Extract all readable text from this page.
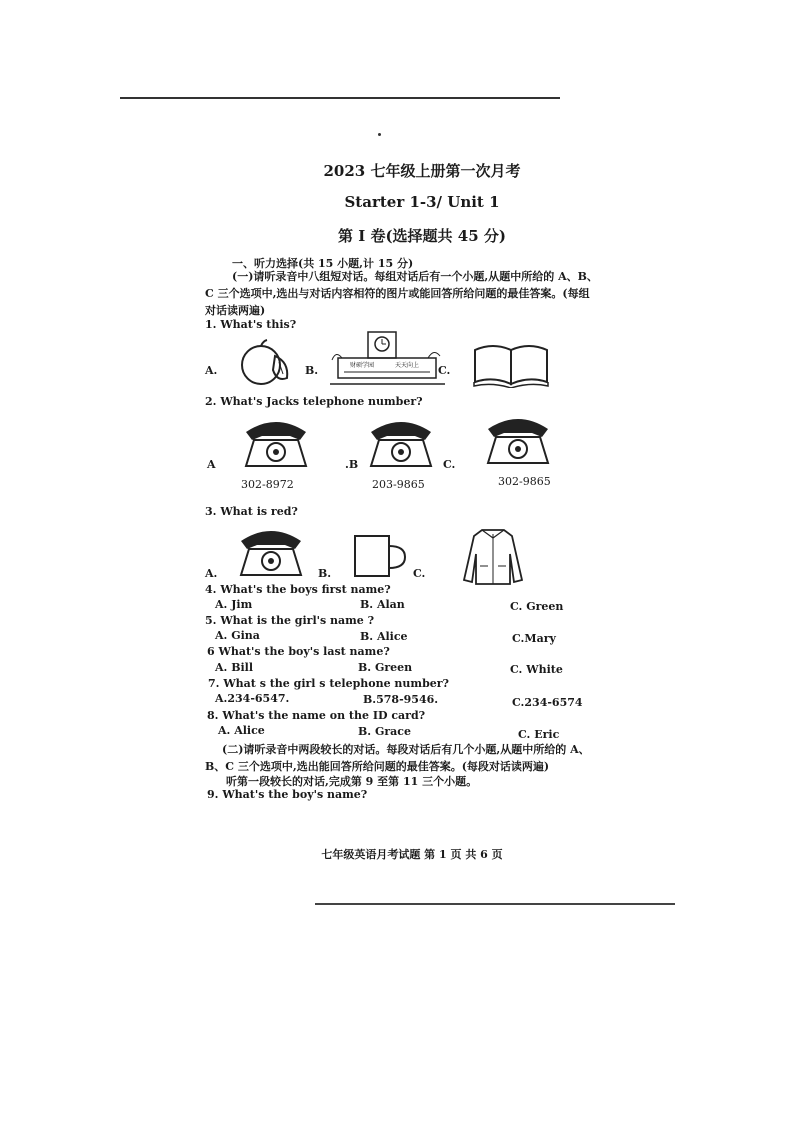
2023 七年级上册第一次月考
Starter 1-3/ Unit 1
第 I 卷(选择题共 45 分)
一、听力选择(共 15 小题,计 15 分)
(一)请听录音中八组短对话。每组对话后有一个小题,从题中所给的 A、B、
C 三个选项中,选出与对话内容相符的图片或能回答所给问题的最佳答案。(每组
对话读两遍)
1. What's this?
A.	B.	财硕学园	天天向上 C.
2. What's Jacks telephone number?
A
302-8972
.B
203-9865
C.
302-9865
3. What is red?
A.	B.	C.
4. What's the boys first name?
A. Jim	B. Alan	C. Green
5. What is the girl's name ?
A. Gina	B. Alice	C.Mary
6 What's the boy's last name?
A. Bill	B. Green	C. White
7. What s the girl s telephone number?
A.234-6547.	B.578-9546.	C.234-6574
8. What's the name on the ID card?
A. Alice	B. Grace	C. Eric
(二)请听录音中两段较长的对话。每段对话后有几个小题,从题中所给的 A、
B、C 三个选项中,选出能回答所给问题的最佳答案。(每段对话读两遍)
听第一段较长的对话,完成第 9 至第 11 三个小题。
9. What's the boy's name?
七年级英语月考试题 第 1 页 共 6 页
